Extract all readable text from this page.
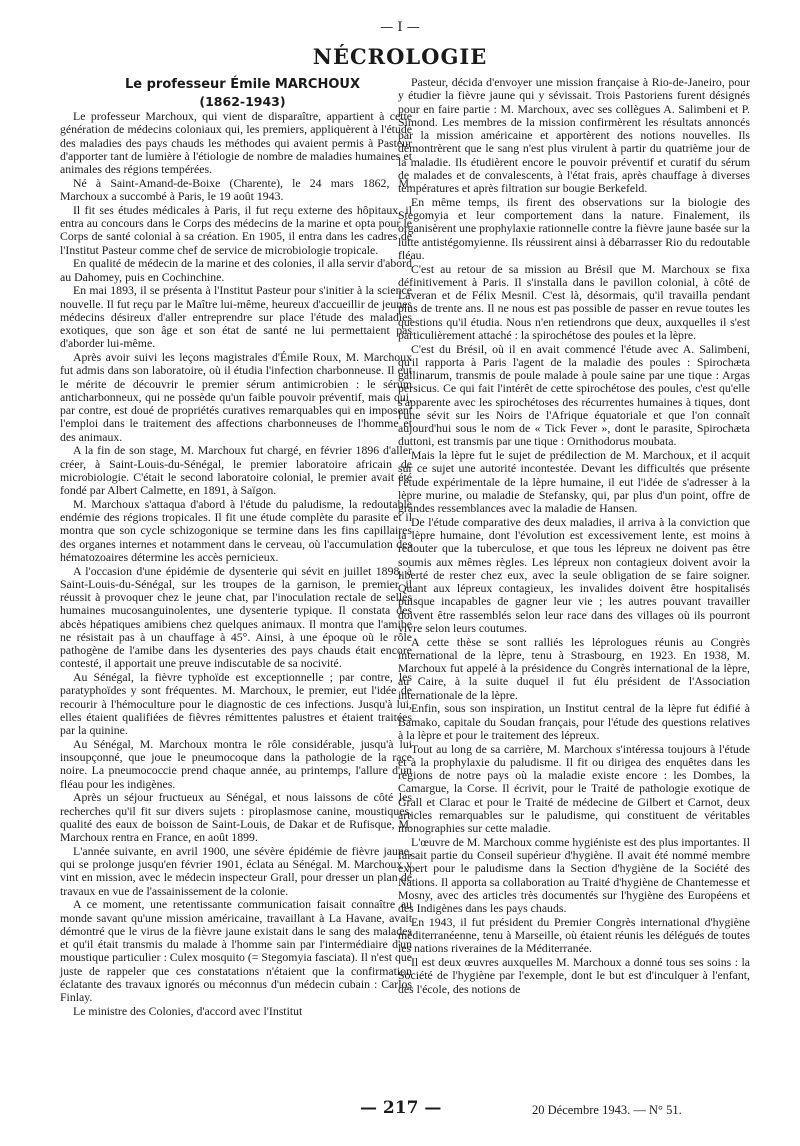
— I —
NÉCROLOGIE

Le professeur Émile MARCHOUX

(1862-1943)

Le professeur Marchoux, qui vient de disparaître, appartient à cette génération de médecins coloniaux qui, les premiers, appliquèrent à l'étude des maladies des pays chauds les méthodes qui avaient permis à Pasteur d'apporter tant de lumière à l'étiologie de nombre de maladies humaines et animales des régions tempérées.

Né à Saint-Amand-de-Boixe (Charente), le 24 mars 1862, M. Marchoux a succombé à Paris, le 19 août 1943.

Il fit ses études médicales à Paris, il fut reçu externe des hôpitaux, il entra au concours dans le Corps des médecins de la marine et opta pour le Corps de santé colonial à sa création. En 1905, il entra dans les cadres de l'Institut Pasteur comme chef de service de microbiologie tropicale.

En qualité de médecin de la marine et des colonies, il alla servir d'abord au Dahomey, puis en Cochinchine.

En mai 1893, il se présenta à l'Institut Pasteur pour s'initier à la science nouvelle. Il fut reçu par le Maître lui-même, heureux d'accueillir de jeunes médecins désireux d'aller entreprendre sur place l'étude des maladies exotiques, que son âge et son état de santé ne lui permettaient pas d'aborder lui-même.

Après avoir suivi les leçons magistrales d'Émile Roux, M. Marchoux fut admis dans son laboratoire, où il étudia l'infection charbonneuse. Il eut le mérite de découvrir le premier sérum antimicrobien : le sérum anticharbonneux, qui ne possède qu'un faible pouvoir préventif, mais qui, par contre, est doué de propriétés curatives remarquables qui en imposent l'emploi dans le traitement des affections charbonneuses de l'homme et des animaux.

A la fin de son stage, M. Marchoux fut chargé, en février 1896 d'aller créer, à Saint-Louis-du-Sénégal, le premier laboratoire africain de microbiologie. C'était le second laboratoire colonial, le premier avait été fondé par Albert Calmette, en 1891, à Saïgon.

M. Marchoux s'attaqua d'abord à l'étude du paludisme, la redoutable endémie des régions tropicales. Il fit une étude complète du parasite et il montra que son cycle schizogonique se termine dans les fins capillaires des organes internes et notamment dans le cerveau, où l'accumulation des hématozoaires détermine les accès pernicieux.

A l'occasion d'une épidémie de dysenterie qui sévit en juillet 1898, à Saint-Louis-du-Sénégal, sur les troupes de la garnison, le premier il réussit à provoquer chez le jeune chat, par l'inoculation rectale de selles humaines mucosanguinolentes, une dysenterie typique. Il constata des abcès hépatiques amibiens chez quelques animaux. Il montra que l'amibe ne résistait pas à un chauffage à 45°. Ainsi, à une époque où le rôle pathogène de l'amibe dans les dysenteries des pays chauds était encore contesté, il apportait une preuve indiscutable de sa nocivité.

Au Sénégal, la fièvre typhoïde est exceptionnelle ; par contre, les paratyphoïdes y sont fréquentes. M. Marchoux, le premier, eut l'idée de recourir à l'hémoculture pour le diagnostic de ces infections. Jusqu'à lui, elles étaient qualifiées de fièvres rémittentes palustres et étaient traitées par la quinine.

Au Sénégal, M. Marchoux montra le rôle considérable, jusqu'à lui insoupçonné, que joue le pneumocoque dans la pathologie de la race noire. La pneumococcie prend chaque année, au printemps, l'allure d'un fléau pour les indigènes.

Après un séjour fructueux au Sénégal, et nous laissons de côté les recherches qu'il fit sur divers sujets : piroplasmose canine, moustiques, qualité des eaux de boisson de Saint-Louis, de Dakar et de Rufisque, M. Marchoux rentra en France, en août 1899.

L'année suivante, en avril 1900, une sévère épidémie de fièvre jaune, qui se prolonge jusqu'en février 1901, éclata au Sénégal. M. Marchoux y vint en mission, avec le médecin inspecteur Grall, pour dresser un plan de travaux en vue de l'assainissement de la colonie.

A ce moment, une retentissante communication faisait connaître au monde savant qu'une mission américaine, travaillant à La Havane, avait démontré que le virus de la fièvre jaune existait dans le sang des malades et qu'il était transmis du malade à l'homme sain par l'intermédiaire d'un moustique particulier : Culex mosquito (= Stegomyia fasciata). Il n'est que juste de rappeler que ces constatations n'étaient que la confirmation éclatante des travaux ignorés ou méconnus d'un médecin cubain : Carlos Finlay.

Le ministre des Colonies, d'accord avec l'Institut

Pasteur, décida d'envoyer une mission française à Rio-de-Janeiro, pour y étudier la fièvre jaune qui y sévissait. Trois Pastoriens furent désignés pour en faire partie : M. Marchoux, avec ses collègues A. Salimbeni et P. Simond. Les membres de la mission confirmèrent les résultats annoncés par la mission américaine et apportèrent des notions nouvelles. Ils démontrèrent que le sang n'est plus virulent à partir du quatrième jour de la maladie. Ils étudièrent encore le pouvoir préventif et curatif du sérum de malades et de convalescents, à l'état frais, après chauffage à diverses températures et après filtration sur bougie Berkefeld.

En même temps, ils firent des observations sur la biologie des Stegomyia et leur comportement dans la nature. Finalement, ils organisèrent une prophylaxie rationnelle contre la fièvre jaune basée sur la lutte antistégomyienne. Ils réussirent ainsi à débarrasser Rio du redoutable fléau.

C'est au retour de sa mission au Brésil que M. Marchoux se fixa définitivement à Paris. Il s'installa dans le pavillon colonial, à côté de Laveran et de Félix Mesnil. C'est là, désormais, qu'il travailla pendant plus de trente ans. Il ne nous est pas possible de passer en revue toutes les questions qu'il étudia. Nous n'en retiendrons que deux, auxquelles il s'est particulièrement attaché : la spirochétose des poules et la lèpre.

C'est du Brésil, où il en avait commencé l'étude avec A. Salimbeni, qu'il rapporta à Paris l'agent de la maladie des poules : Spirochæta gallinarum, transmis de poule malade à poule saine par une tique : Argas persicus. Ce qui fait l'intérêt de cette spirochétose des poules, c'est qu'elle s'apparente avec les spirochétoses des récurrentes humaines à tiques, dont l'une sévit sur les Noirs de l'Afrique équatoriale et que l'on connaît aujourd'hui sous le nom de « Tick Fever », dont le parasite, Spirochæta duttoni, est transmis par une tique : Ornithodorus moubata.

Mais la lèpre fut le sujet de prédilection de M. Marchoux, et il acquit sur ce sujet une autorité incontestée. Devant les difficultés que présente l'étude expérimentale de la lèpre humaine, il eut l'idée de s'adresser à la lèpre murine, ou maladie de Stefansky, qui, par plus d'un point, offre de grandes ressemblances avec la maladie de Hansen.

De l'étude comparative des deux maladies, il arriva à la conviction que la lèpre humaine, dont l'évolution est excessivement lente, est moins à redouter que la tuberculose, et que tous les lépreux ne doivent pas être soumis aux mêmes règles. Les lépreux non contagieux doivent avoir la liberté de rester chez eux, avec la seule obligation de se faire soigner. Quant aux lépreux contagieux, les invalides doivent être hospitalisés puisque incapables de gagner leur vie ; les autres pouvant travailler doivent être rassemblés selon leur race dans des villages où ils pourront vivre selon leurs coutumes.

A cette thèse se sont ralliés les léprologues réunis au Congrès international de la lèpre, tenu à Strasbourg, en 1923. En 1938, M. Marchoux fut appelé à la présidence du Congrès international de la lèpre, au Caire, à la suite duquel il fut élu président de l'Association internationale de la lèpre.

Enfin, sous son inspiration, un Institut central de la lèpre fut édifié à Bamako, capitale du Soudan français, pour l'étude des questions relatives à la lèpre et pour le traitement des lépreux.

Tout au long de sa carrière, M. Marchoux s'intéressa toujours à l'étude et à la prophylaxie du paludisme. Il fit ou dirigea des enquêtes dans les régions de notre pays où la maladie existe encore : les Dombes, la Camargue, la Corse. Il écrivit, pour le Traité de pathologie exotique de Grall et Clarac et pour le Traité de médecine de Gilbert et Carnot, deux articles remarquables sur le paludisme, qui constituent de véritables monographies sur cette maladie.

L'œuvre de M. Marchoux comme hygiéniste est des plus importantes. Il faisait partie du Conseil supérieur d'hygiène. Il avait été nommé membre expert pour le paludisme dans la Section d'hygiène de la Société des Nations. Il apporta sa collaboration au Traité d'hygiène de Chantemesse et Mosny, avec des articles très documentés sur l'hygiène des Européens et des Indigènes dans les pays chauds.

En 1943, il fut président du Premier Congrès international d'hygiène méditerranéenne, tenu à Marseille, où étaient réunis les délégués de toutes les nations riveraines de la Méditerranée.

Il est deux œuvres auxquelles M. Marchoux a donné tous ses soins : la Société de l'hygiène par l'exemple, dont le but est d'inculquer à l'enfant, dès l'école, des notions de

— 217 —	20 Décembre 1943. — N° 51.
